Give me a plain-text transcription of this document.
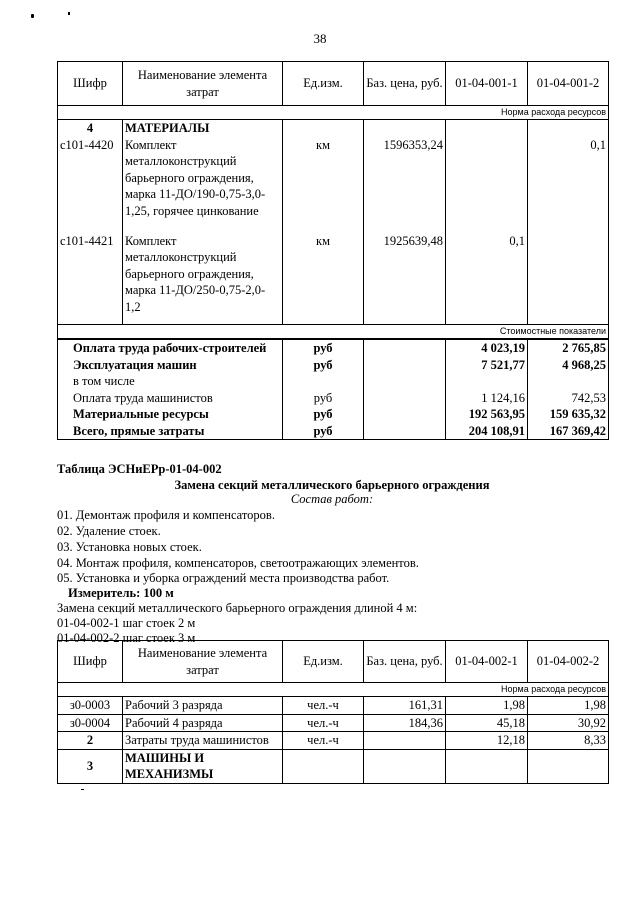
38
Шифр	Наименование элемента затрат	Ед.изм.	Баз. цена, руб.	01-04-001-1	01-04-001-2
Норма расхода ресурсов					
4	МАТЕРИАЛЫ				
с101-4420	Комплект
металлоконструкций
барьерного ограждения,
марка 11-ДО/190-0,75-3,0-
1,25, горячее цинкование	км	1596353,24		0,1
с101-4421	Комплект
металлоконструкций
барьерного ограждения,
марка 11-ДО/250-0,75-2,0-
1,2	км	1925639,48	0,1	
Стоимостные показатели					
Оплата труда рабочих-строителей		руб		4 023,19	2 765,85
Эксплуатация машин		руб		7 521,77	4 968,25
в том числе					
Оплата труда машинистов		руб		1 124,16	742,53
Материальные ресурсы		руб		192 563,95	159 635,32
Всего, прямые затраты		руб		204 108,91	167 369,42
Таблица ЭСНиЕРр-01-04-002
Замена секций металлического барьерного ограждения
Состав работ:
01. Демонтаж профиля и компенсаторов.
02. Удаление стоек.
03. Установка новых стоек.
04. Монтаж профиля, компенсаторов, светоотражающих элементов.
05. Установка и уборка ограждений места производства работ.
Измеритель: 100 м
Замена секций металлического барьерного ограждения длиной 4 м:
01-04-002-1 шаг стоек 2 м
01-04-002-2 шаг стоек 3 м
Шифр	Наименование элемента затрат	Ед.изм.	Баз. цена, руб.	01-04-002-1	01-04-002-2
Норма расхода ресурсов					
з0-0003	Рабочий 3 разряда	чел.-ч	161,31	1,98	1,98
з0-0004	Рабочий 4 разряда	чел.-ч	184,36	45,18	30,92
2	Затраты труда машинистов	чел.-ч		12,18	8,33
3	МАШИНЫ И
МЕХАНИЗМЫ				
